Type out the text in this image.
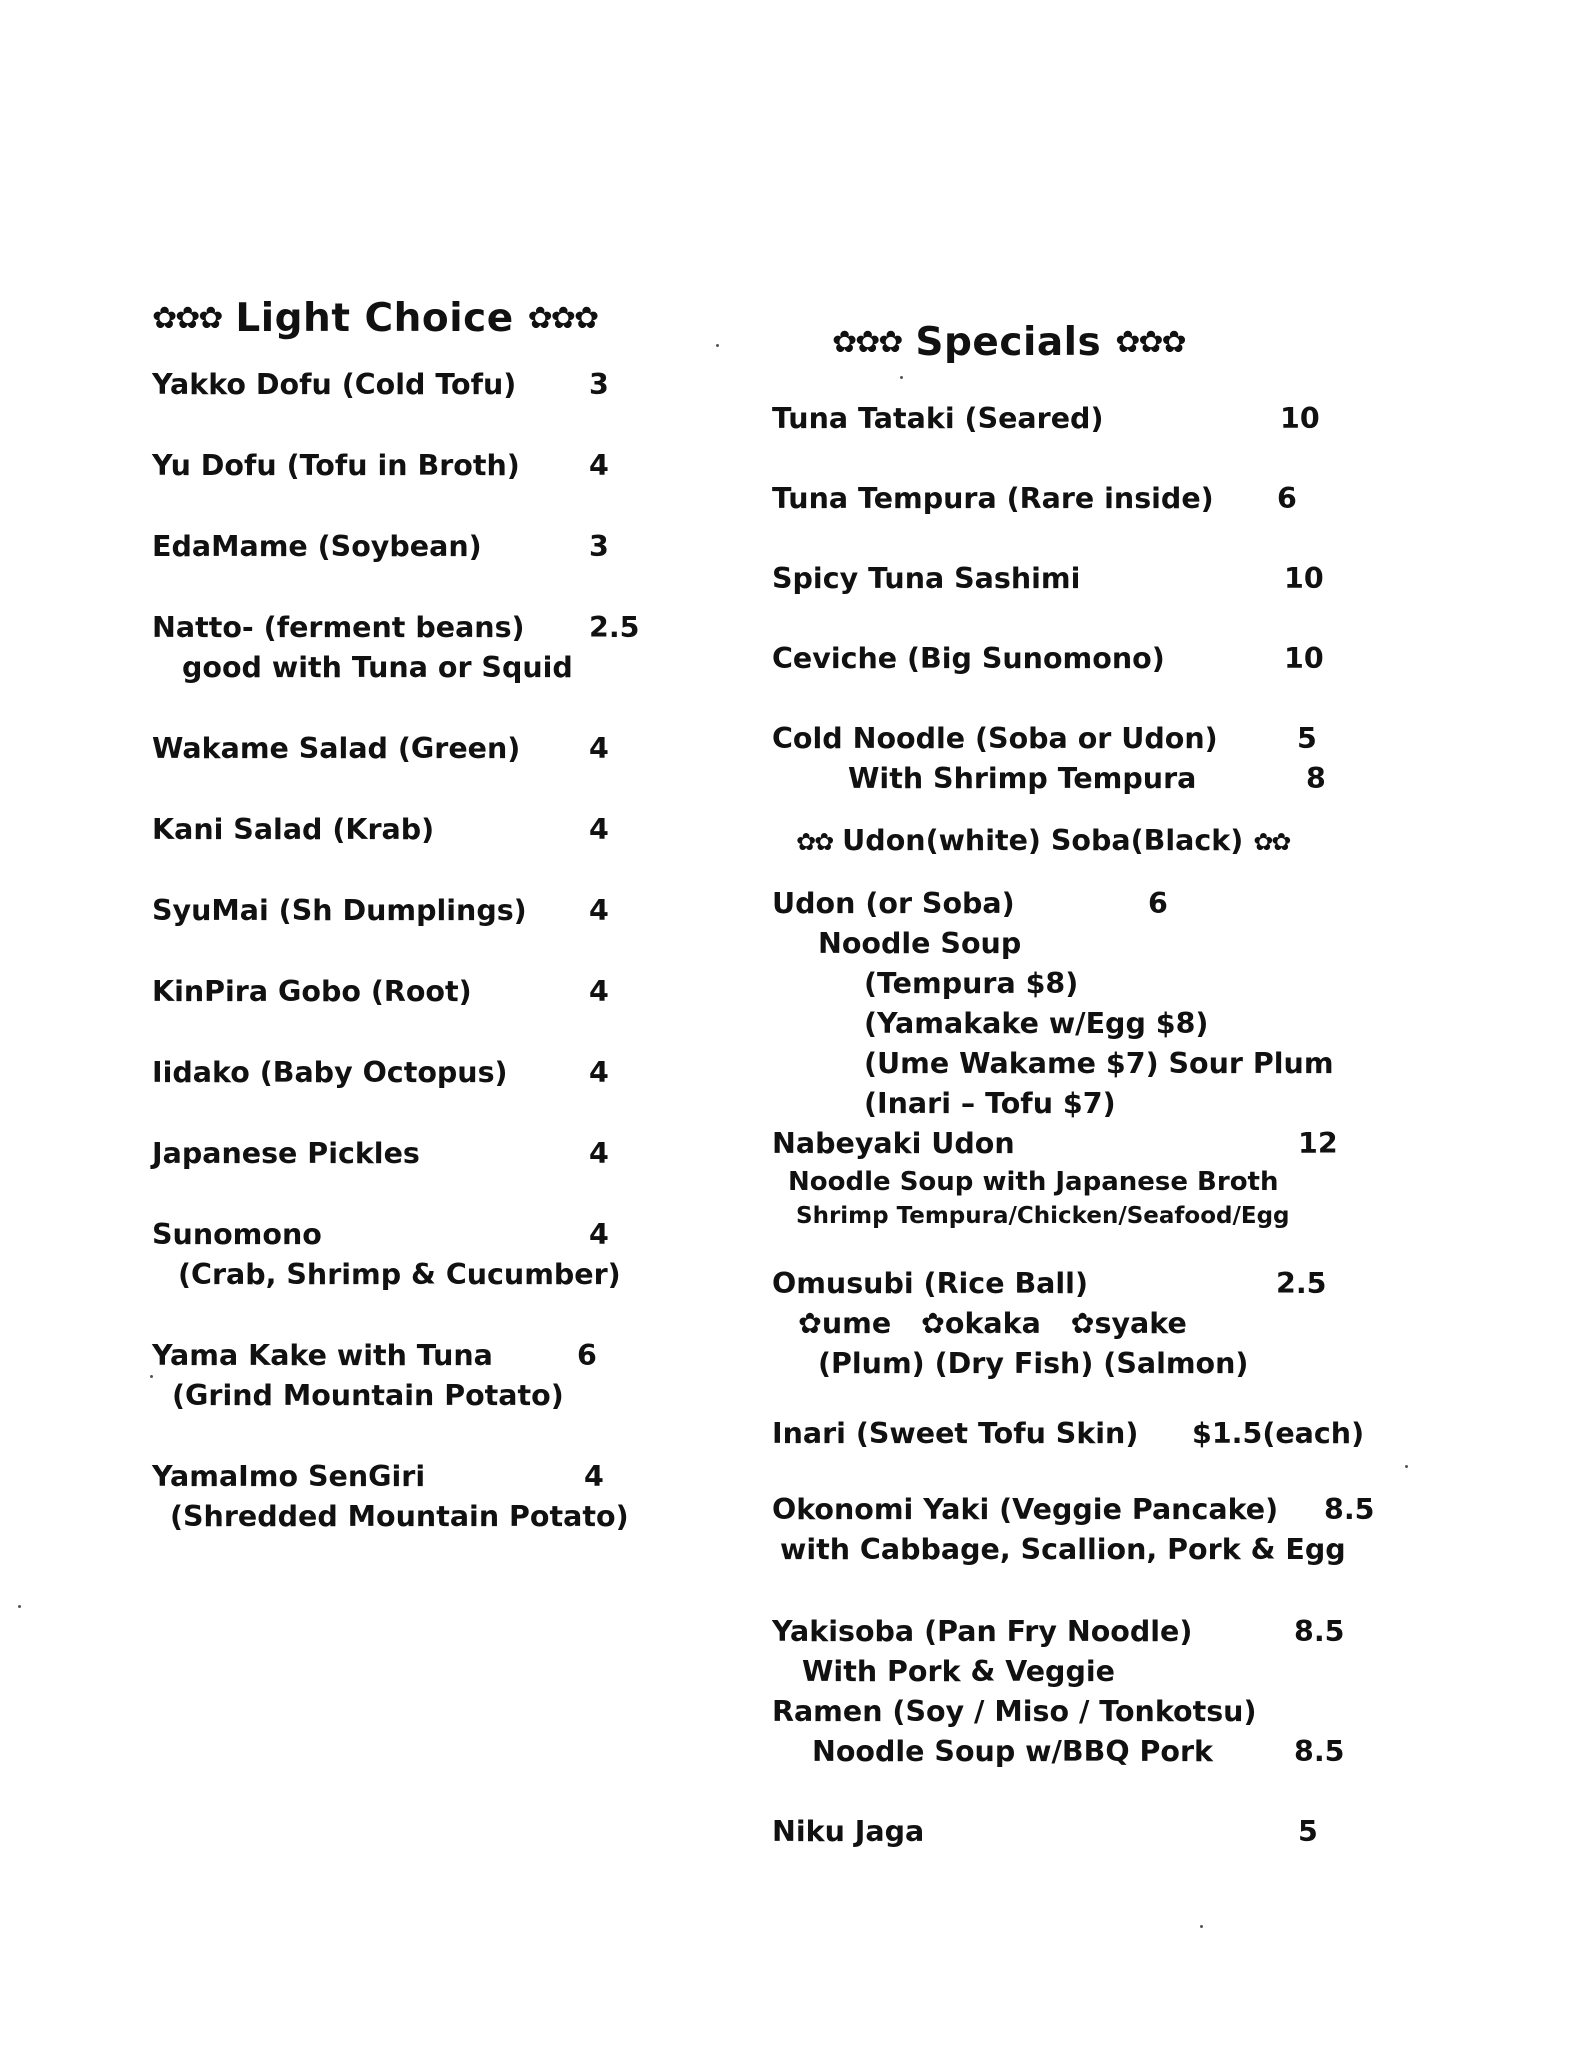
✿✿✿ Light Choice ✿✿✿
Yakko Dofu (Cold Tofu)	3
Yu Dofu (Tofu in Broth) 4
EdaMame (Soybean)	3
Natto- (ferment beans) 2.5
good with Tuna or Squid
Wakame Salad (Green) 4
Kani Salad (Krab)	4
SyuMai (Sh Dumplings) 4
KinPira Gobo (Root)	4
Iidako (Baby Octopus)	4
Japanese Pickles	4
Sunomono	4
(Crab, Shrimp & Cucumber)
Yama Kake with Tuna	6
(Grind Mountain Potato)
YamaImo SenGiri	4
(Shredded Mountain Potato)
✿✿✿ Specials ✿✿✿
Tuna Tataki (Seared)	10
Tuna Tempura (Rare inside) 6
Spicy Tuna Sashimi	10
Ceviche (Big Sunomono)	10
Cold Noodle (Soba or Udon)	5
With Shrimp Tempura	8
✿✿ Udon(white) Soba(Black) ✿✿
Udon (or Soba)	6
Noodle Soup
(Tempura $8)
(Yamakake w/Egg $8)
(Ume Wakame $7) Sour Plum
(Inari – Tofu $7)
Nabeyaki Udon	12
Noodle Soup with Japanese Broth
Shrimp Tempura/Chicken/Seafood/Egg
Omusubi (Rice Ball)	2.5
✿ume ✿okaka ✿syake
(Plum) (Dry Fish) (Salmon)
Inari (Sweet Tofu Skin) $1.5(each)
Okonomi Yaki (Veggie Pancake) 8.5
with Cabbage, Scallion, Pork & Egg
Yakisoba (Pan Fry Noodle)	8.5
With Pork & Veggie
Ramen (Soy / Miso / Tonkotsu)
Noodle Soup w/BBQ Pork	8.5
Niku Jaga	5
